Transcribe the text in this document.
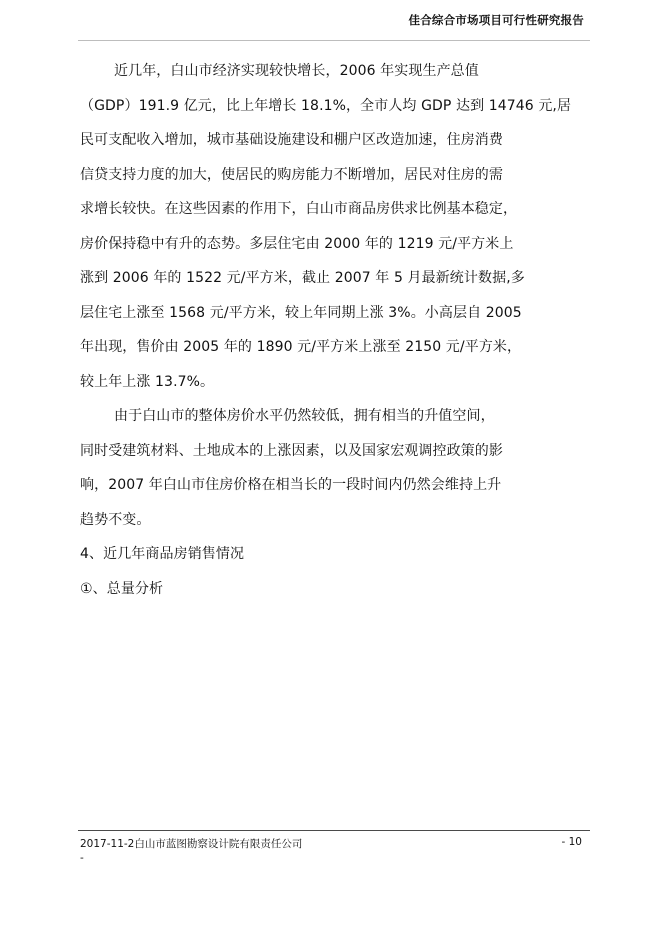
佳合综合市场项目可行性研究报告
近几年，白山市经济实现较快增长，2006 年实现生产总值
（GDP）191.9 亿元，比上年增长 18.1%，全市人均 GDP 达到 14746 元,居
民可支配收入增加，城市基础设施建设和棚户区改造加速，住房消费
信贷支持力度的加大，使居民的购房能力不断增加，居民对住房的需
求增长较快。在这些因素的作用下，白山市商品房供求比例基本稳定，
房价保持稳中有升的态势。多层住宅由 2000 年的 1219 元/平方米上
涨到 2006 年的 1522 元/平方米，截止 2007 年 5 月最新统计数据,多
层住宅上涨至 1568 元/平方米，较上年同期上涨 3%。小高层自 2005
年出现，售价由 2005 年的 1890 元/平方米上涨至 2150 元/平方米，
较上年上涨 13.7%。
由于白山市的整体房价水平仍然较低，拥有相当的升值空间，
同时受建筑材料、土地成本的上涨因素，以及国家宏观调控政策的影
响，2007 年白山市住房价格在相当长的一段时间内仍然会维持上升
趋势不变。
4、近几年商品房销售情况
①、总量分析
2017-11-2白山市蓝图勘察设计院有限责任公司	- 10
-
